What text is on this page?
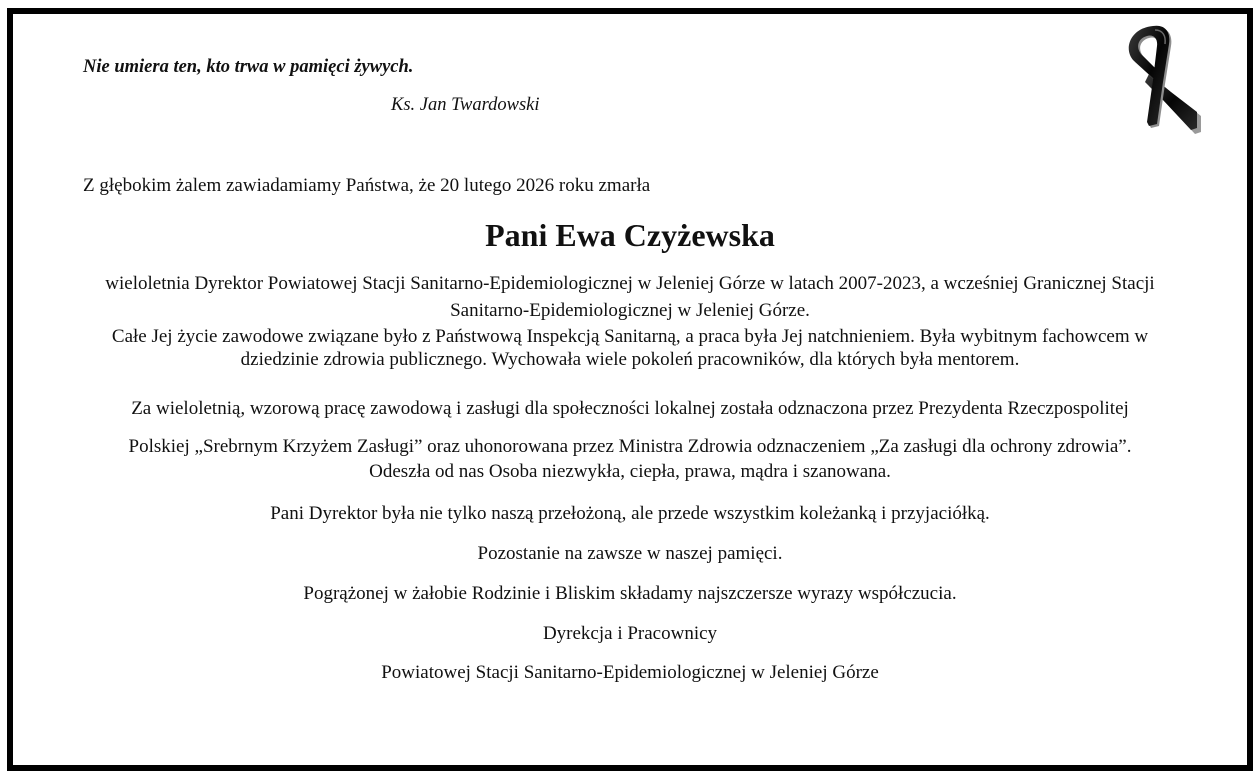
Nie umiera ten, kto trwa w pamięci żywych.
Ks. Jan Twardowski
Z głębokim żalem zawiadamiamy Państwa, że 20 lutego 2026 roku zmarła
Pani Ewa Czyżewska
wieloletnia Dyrektor Powiatowej Stacji Sanitarno-Epidemiologicznej w Jeleniej Górze w latach 2007-2023, a wcześniej Granicznej Stacji
Sanitarno-Epidemiologicznej w Jeleniej Górze.
Całe Jej życie zawodowe związane było z Państwową Inspekcją Sanitarną, a praca była Jej natchnieniem. Była wybitnym fachowcem w
dziedzinie zdrowia publicznego. Wychowała wiele pokoleń pracowników, dla których była mentorem.
Za wieloletnią, wzorową pracę zawodową i zasługi dla społeczności lokalnej została odznaczona przez Prezydenta Rzeczpospolitej
Polskiej „Srebrnym Krzyżem Zasługi” oraz uhonorowana przez Ministra Zdrowia odznaczeniem „Za zasługi dla ochrony zdrowia”.
Odeszła od nas Osoba niezwykła, ciepła, prawa, mądra i szanowana.
Pani Dyrektor była nie tylko naszą przełożoną, ale przede wszystkim koleżanką i przyjaciółką.
Pozostanie na zawsze w naszej pamięci.
Pogrążonej w żałobie Rodzinie i Bliskim składamy najszczersze wyrazy współczucia.
Dyrekcja i Pracownicy
Powiatowej Stacji Sanitarno-Epidemiologicznej w Jeleniej Górze
